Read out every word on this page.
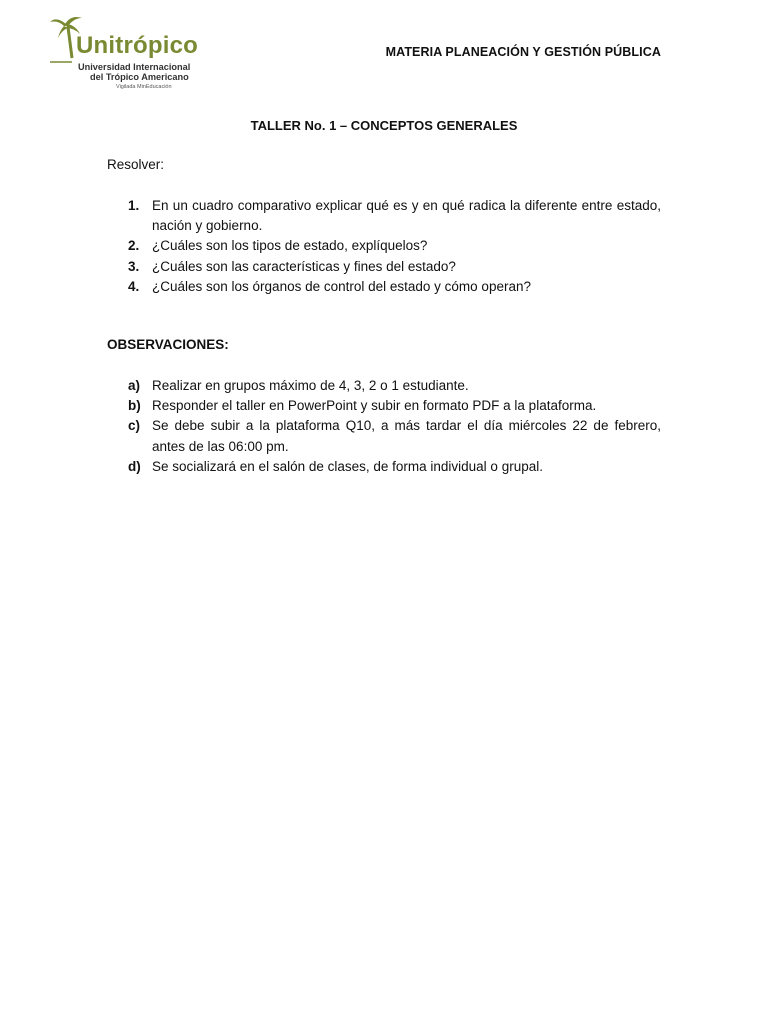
Unitrópico
Universidad Internacional
del Trópico Americano
Vigilada MinEducación
MATERIA PLANEACIÓN Y GESTIÓN PÚBLICA
TALLER No. 1 – CONCEPTOS GENERALES
Resolver:
1. En un cuadro comparativo explicar qué es y en qué radica la diferente entre estado, nación y gobierno.
2. ¿Cuáles son los tipos de estado, explíquelos?
3. ¿Cuáles son las características y fines del estado?
4. ¿Cuáles son los órganos de control del estado y cómo operan?
OBSERVACIONES:
a) Realizar en grupos máximo de 4, 3, 2 o 1 estudiante.
b) Responder el taller en PowerPoint y subir en formato PDF a la plataforma.
c) Se debe subir a la plataforma Q10, a más tardar el día miércoles 22 de febrero, antes de las 06:00 pm.
d) Se socializará en el salón de clases, de forma individual o grupal.
